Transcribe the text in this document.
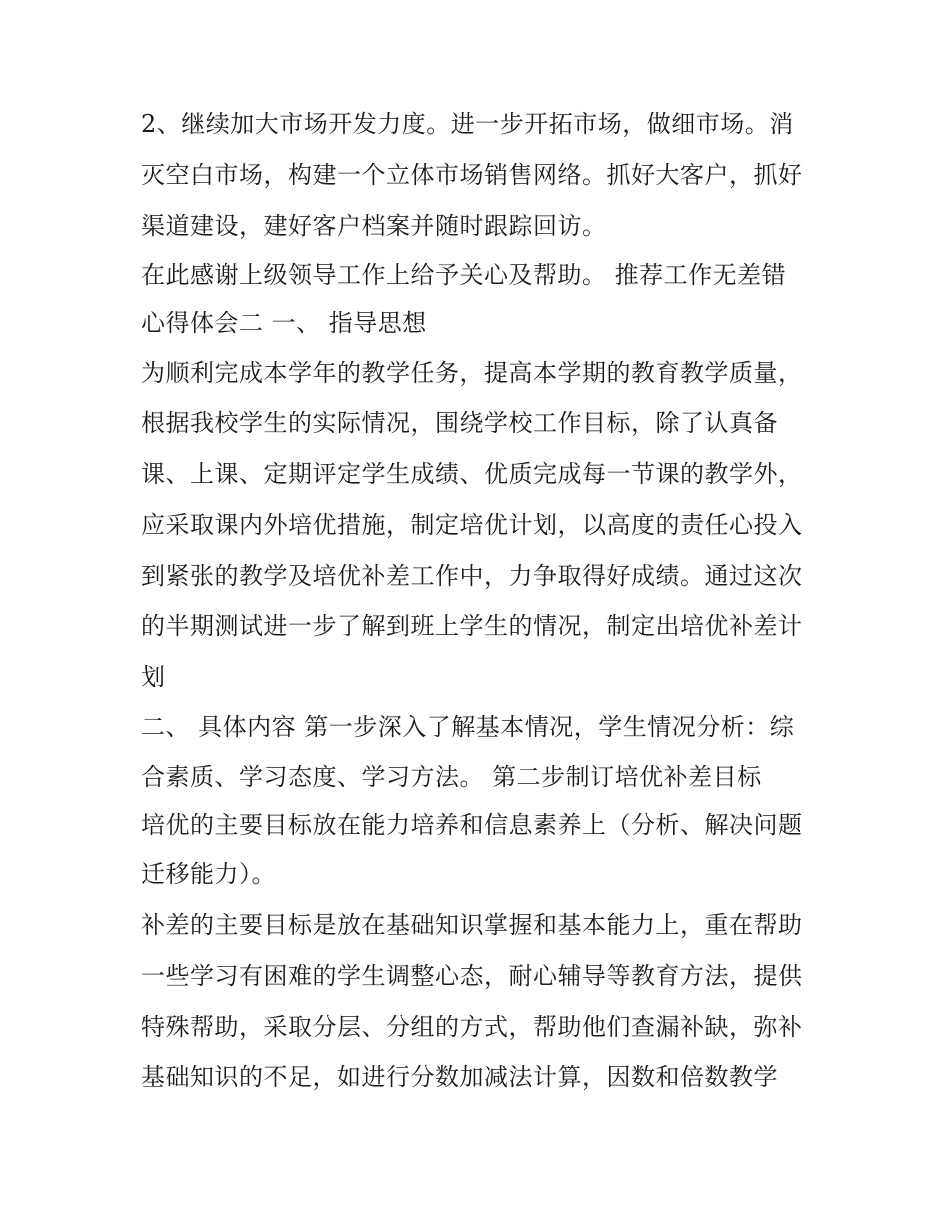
2、继续加大市场开发力度。进一步开拓市场，做细市场。消

灭空白市场，构建一个立体市场销售网络。抓好大客户，抓好

渠道建设，建好客户档案并随时跟踪回访。

在此感谢上级领导工作上给予关心及帮助。 推荐工作无差错

心得体会二 一、 指导思想

为顺利完成本学年的教学任务，提高本学期的教育教学质量，

根据我校学生的实际情况，围绕学校工作目标，除了认真备

课、上课、定期评定学生成绩、优质完成每一节课的教学外，

应采取课内外培优措施，制定培优计划，以高度的责任心投入

到紧张的教学及培优补差工作中，力争取得好成绩。通过这次

的半期测试进一步了解到班上学生的情况，制定出培优补差计

划

二、 具体内容 第一步深入了解基本情况，学生情况分析：综

合素质、学习态度、学习方法。 第二步制订培优补差目标

培优的主要目标放在能力培养和信息素养上（分析、解决问题

迁移能力）。

补差的主要目标是放在基础知识掌握和基本能力上，重在帮助

一些学习有困难的学生调整心态，耐心辅导等教育方法，提供

特殊帮助，采取分层、分组的方式，帮助他们查漏补缺，弥补

基础知识的不足，如进行分数加减法计算，因数和倍数教学
